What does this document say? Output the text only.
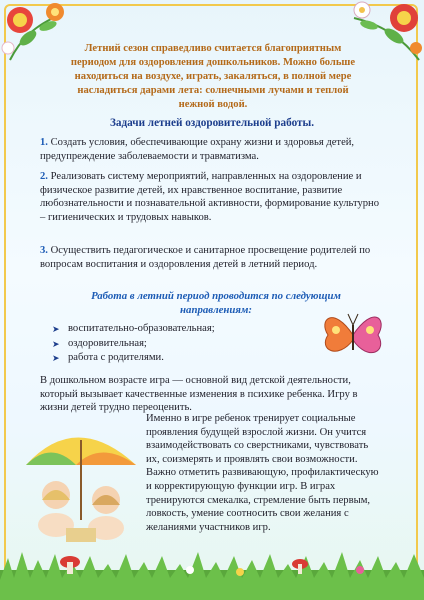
Летний сезон справедливо считается благоприятным периодом для оздоровления дошкольников. Можно больше находиться на воздухе, играть, закаляться, в полной мере насладиться дарами лета: солнечными лучами и теплой нежной водой.
Задачи летней оздоровительной работы.
1. Создать условия, обеспечивающие охрану жизни и здоровья детей, предупреждение заболеваемости и травматизма.
2. Реализовать систему мероприятий, направленных на оздоровление и физическое развитие детей, их нравственное воспитание, развитие любознательности и познавательной активности, формирование культурно – гигиенических и трудовых навыков.
3. Осуществить педагогическое и санитарное просвещение родителей по вопросам воспитания и оздоровления детей в летний период.
Работа в летний период проводится по следующим направлениям:
➤ воспитательно-образовательная;
➤ оздоровительная;
➤ работа с родителями.
В дошкольном возрасте игра — основной вид детской деятельности, который вызывает качественные изменения в психике ребенка. Игру в жизни детей трудно переоценить.
Именно в игре ребенок тренирует социальные проявления будущей взрослой жизни. Он учится взаимодействовать со сверстниками, чувствовать их, соизмерять и проявлять свои возможности. Важно отметить развивающую, профилактическую и корректирующую функции игр. В играх тренируются смекалка, стремление быть первым, ловкость, умение соотносить свои желания с желаниями участников игр.
